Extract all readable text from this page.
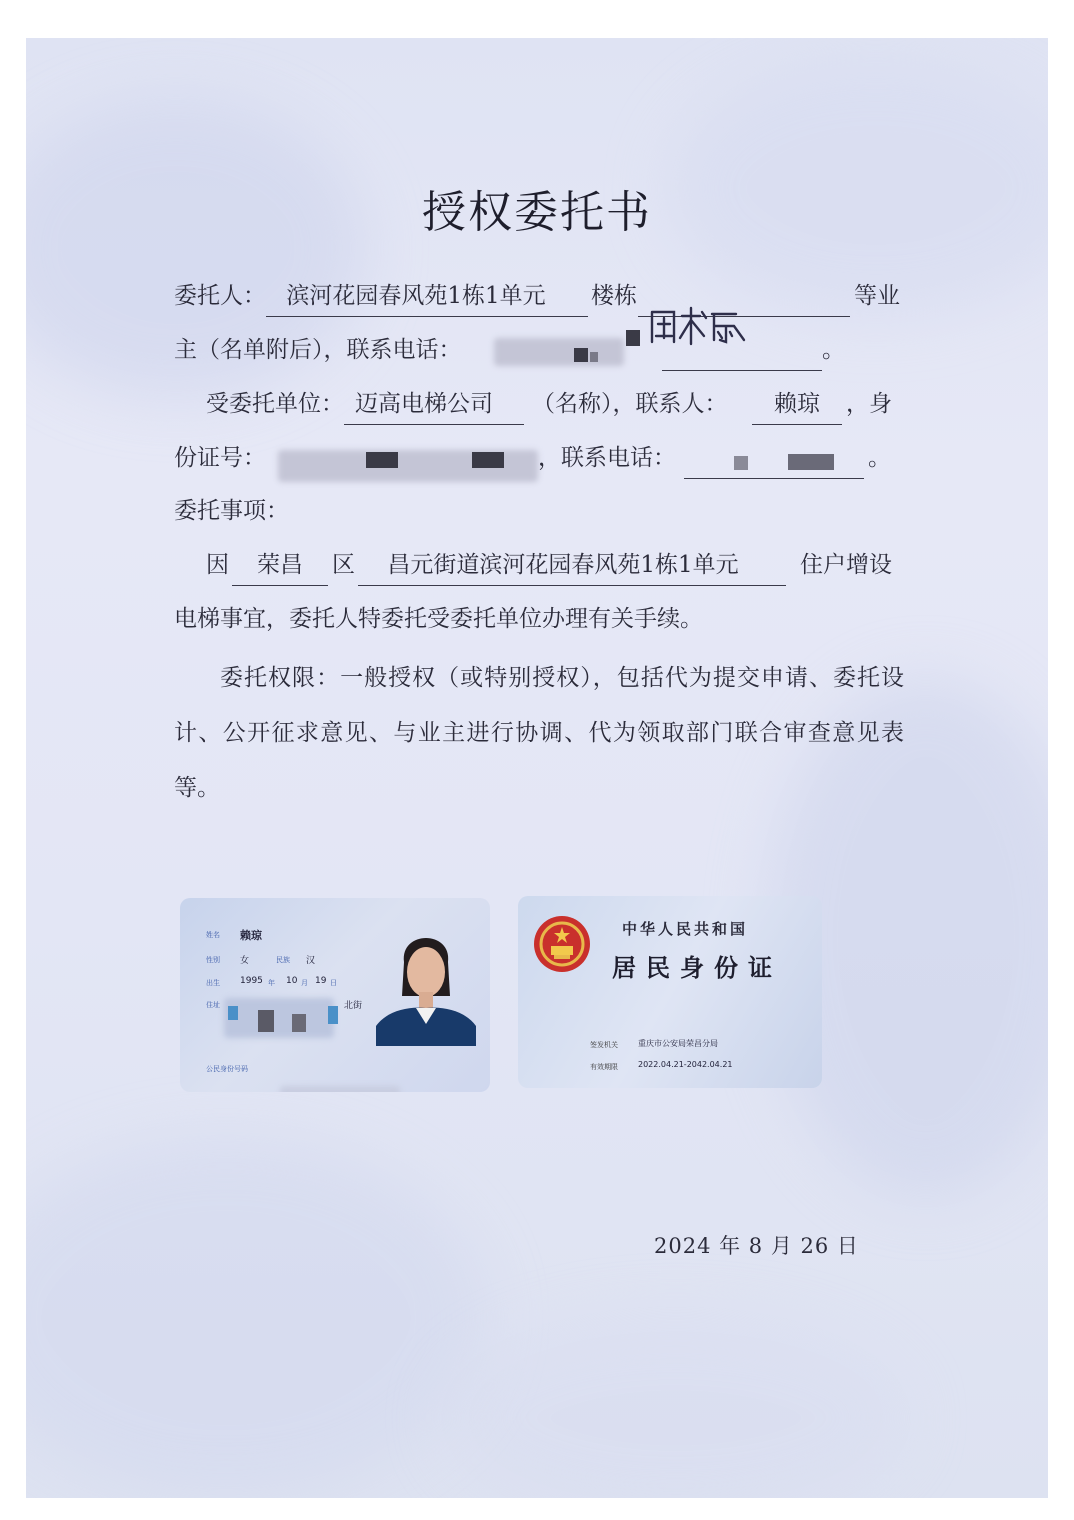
授权委托书
委托人 ： 滨河花园春风苑1栋1单元	楼栋	等业
主（名单附后），联系电话：	。
受委托单位 ： 迈高电梯公司	（名称），联系人：	赖琼	，身
份证号：	，联系电话：	。
委托事项：
因	荣昌	区	昌元街道滨河花园春风苑1栋1单元	住户增设
电梯事宜，委托人特委托受委托单位办理有关手续。
委托权限：一般授权（或特别授权），包括代为提交申请、委托设计、公开征求意见、与业主进行协调、代为领取部门联合审查意见表等。
姓名 赖琼
性别 女	民族 汉
出生 1995 年 10 月 19 日
住址	北街
公民身份号码
中华人民共和国
居民身份证
签发机关	重庆市公安局荣昌分局
有效期限	2022.04.21-2042.04.21
2024 年 8 月 26 日
